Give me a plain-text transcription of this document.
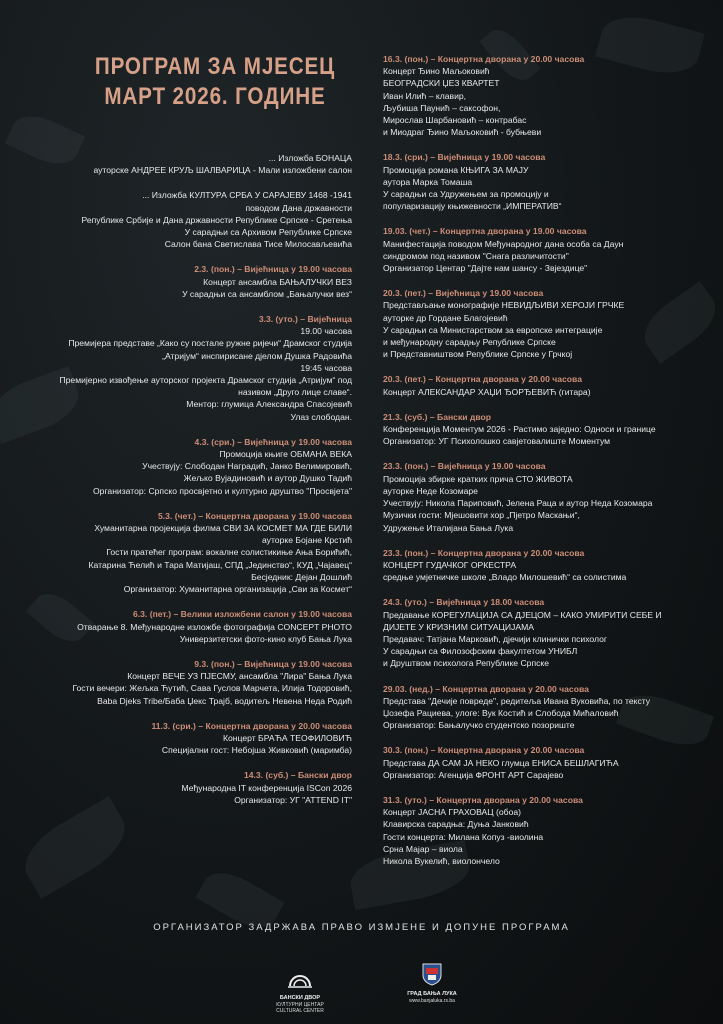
ПРОГРАМ ЗА МЈЕСЕЦ
МАРТ 2026. ГОДИНЕ
... Изложба БОНАЦА
ауторске АНДРЕЕ КРУЉ ШАЛВАРИЦА - Мали изложбени салон
... Изложба КУЛТУРА СРБА У САРАЈЕВУ 1468 -1941
поводом Дана државности
Републике Србије и Дана државности Републике Српске - Сретења
У сарадњи са Архивом Републике Српске
Салон бана Светислава Тисе Милосављевића
2.3. (пон.) – Вијећница у 19.00 часова
Концерт ансамбла БАЊАЛУЧКИ ВЕЗ
У сарадњи са ансамблом „Бањалучки вез“
3.3. (уто.) – Вијећница
19.00 часова
Премијера представе „Како су постале ружне ријечи“ Драмског студија
„Атријум“ инспирисане дјелом Душка Радовића
19:45 часова
Премијерно извођење ауторског пројекта Драмског студија „Атријум“ под
називом „Друго лице славе“.
Ментор: глумица Александра Спасојевић
Улаз слободан.
4.3. (сри.) – Вијећница у 19.00 часова
Промоција књиге ОБМАНА ВЕКА
Учествују: Слободан Наградић, Јанко Велимировић,
Жељко Вујадиновић и аутор Душко Тадић
Организатор: Српско просвјетно и културно друштво "Просвјета"
5.3. (чет.) – Концертна дворана у 19.00 часова
Хуманитарна пројекција филма СВИ ЗА КОСМЕТ МА ГДЕ БИЛИ
ауторке Бојане Крстић
Гости пратећег програм: вокалне солистикиње Ања Борићић,
Катарина Ћелић и Тара Матијаш, СПД „Јединство“, КУД „Чајавец“
Бесједник: Дејан Дошлић
Организатор: Хуманитарна организација „Сви за Космет“
6.3. (пет.) – Велики изложбени салон у 19.00 часова
Отварање 8. Међународне изложбе фотографија CONCEPT PHOTO
Универзитетски фото-кино клуб Бања Лука
9.3. (пон.) – Вијећница у 19.00 часова
Концерт ВЕЧЕ УЗ ПЈЕСМУ, ансамбла "Лира" Бања Лука
Гости вечери: Жељка Ћутић, Сава Гуслов Марчета, Илија Тодоровић,
Baba Djeks Tribe/Баба Џекс Трајб, водитељ Невена Неда Родић
11.3. (сри.) – Концертна дворана у 20.00 часова
Концерт БРАЋА ТЕОФИЛОВИЋ
Специјални гост: Небојша Живковић (маримба)
14.3. (суб.) – Бански двор
Међународна IT конференција ISCon 2026
Организатор: УГ "ATTEND IT"
16.3. (пон.) – Концертна дворана у 20.00 часова
Концерт Ђино Маљоковић
БЕОГРАДСКИ ЏЕЗ КВАРТЕТ
Иван Илић – клавир,
Љубиша Паунић – саксофон,
Мирослав Шарбановић – контрабас
и Миодраг Ђино Маљоковић - бубњеви
18.3. (сри.) – Вијећница у 19.00 часова
Промоција романа КЊИГА ЗА МАЈУ
аутора Марка Томаша
У сарадњи са Удружењем за промоцију и
популаризацију књижевности „ИМПЕРАТИВ“
19.03. (чет.) – Концертна дворана у 19.00 часова
Манифестација поводом Међународног дана особа са Даун
синдромом под називом "Снага различитости"
Организатор Центар "Дајте нам шансу - Звјездице"
20.3. (пет.) – Вијећница у 19.00 часова
Представљање монографије НЕВИДЉИВИ ХЕРОЈИ ГРЧКЕ
ауторке др Гордане Благојевић
У сарадњи са Министарством за европске интеграције
и међународну сарадњу Републике Српске
и Представништвом Републике Српске у Грчкој
20.3. (пет.) – Концертна дворана у 20.00 часова
Концерт АЛЕКСАНДАР ХАЏИ ЂОРЂЕВИЋ (гитара)
21.3. (суб.) – Бански двор
Конференција Моментум 2026 - Растимо заједно: Односи и границе
Организатор: УГ Психолошко савјетовалиште Моментум
23.3. (пон.) – Вијећница у 19.00 часова
Промоција збирке кратких прича СТО ЖИВОТА
ауторке Неде Козомаре
Учествују: Никола Париповић, Јелена Раца и аутор Неда Козомара
Музички гости: Мјешовити хор „Пјетро Маскањи“,
Удружење Италијана Бања Лука
23.3. (пон.) – Концертна дворана у 20.00 часова
КОНЦЕРТ ГУДАЧКОГ ОРКЕСТРА
средње умјетничке школе „Владо Милошевић“ са солистима
24.3. (уто.) – Вијећница у 18.00 часова
Предавање КОРЕГУЛАЦИЈА СА ДЈЕЦОМ – КАКО УМИРИТИ СЕБЕ И
ДИЈЕТЕ У КРИЗНИМ СИТУАЦИЈАМА
Предавач: Татјана Марковић, дјечији клинички психолог
У сарадњи са Филозофским факултетом УНИБЛ
и Друштвом психолога Републике Српске
29.03. (нед.) – Концертна дворана у 20.00 часова
Представа "Дечије повреде", редитеља Ивана Вуковића, по тексту
Џозефа Рациева, улоге: Вук Костић и Слобода Мићаловић
Организатор: Бањалучко студентско позориште
30.3. (пон.) – Концертна дворана у 20.00 часова
Представа ДА САМ ЈА НЕКО глумца ЕНИСА БЕШЛАГИЋА
Организатор: Агенција ФРОНТ АРТ Сарајево
31.3. (уто.) – Концертна дворана у 20.00 часова
Концерт ЈАСНА ГРАХОВАЦ (обоа)
Клавирска сарадња: Дуња Јанковић
Гости концерта: Милана Копуз -виолина
Срна Мајар – виола
Никола Вукелић, виолончело
ОРГАНИЗАТОР ЗАДРЖАВА ПРАВО ИЗМЈЕНЕ И ДОПУНЕ ПРОГРАМА
БАНСКИ ДВОР
КУЛТУРНИ ЦЕНТАР
CULTURAL CENTER
ГРАД БАЊА ЛУКА
www.banjaluka.rs.ba
